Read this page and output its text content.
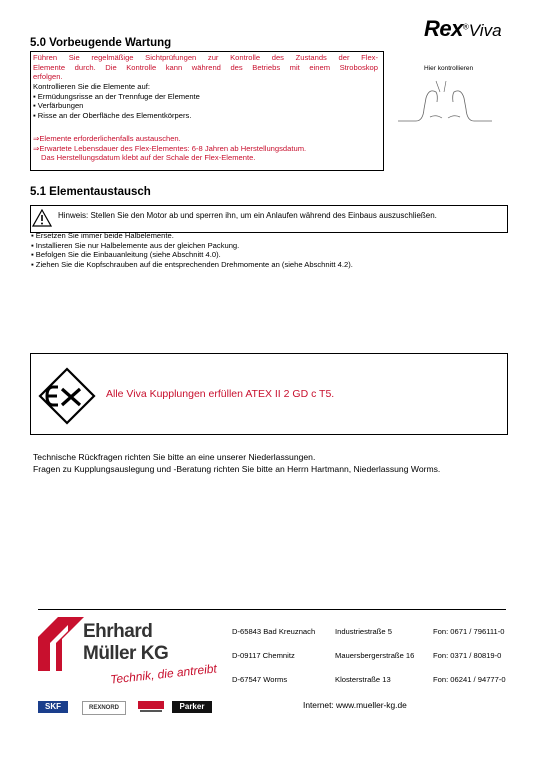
5.0 Vorbeugende Wartung
Rex®Viva
Führen Sie regelmäßige Sichtprüfungen zur Kontrolle des Zustands der Flex-
Elemente durch. Die Kontrolle kann während des Betriebs mit einem Stroboskop
erfolgen.
Kontrollieren Sie die Elemente auf:
▪ Ermüdungsrisse an der Trennfuge der Elemente
▪ Verfärbungen
▪ Risse an der Oberfläche des Elementkörpers.
⇒Elemente erforderlichenfalls austauschen.
⇒Erwartete Lebensdauer des Flex-Elementes: 6-8 Jahren ab Herstellungsdatum.
Das Herstellungsdatum klebt auf der Schale der Flex-Elemente.
Hier kontrollieren
5.1 Elementaustausch
Hinweis: Stellen Sie den Motor ab und sperren ihn, um ein Anlaufen während des Einbaus auszuschließen.
▪ Ersetzen Sie immer beide Halbelemente.
▪ Installieren Sie nur Halbelemente aus der gleichen Packung.
▪ Befolgen Sie die Einbauanleitung (siehe Abschnitt 4.0).
▪ Ziehen Sie die Kopfschrauben auf die entsprechenden Drehmomente an (siehe Abschnitt 4.2).
Alle Viva Kupplungen erfüllen ATEX II 2 GD c T5.
Technische Rückfragen richten Sie bitte an eine unserer Niederlassungen.
Fragen zu Kupplungsauslegung und -Beratung richten Sie bitte an Herrn Hartmann, Niederlassung Worms.
Ehrhard
Müller KG
Technik, die antreibt
SKF	REXNORD	Parker
D-65843 Bad Kreuznach	Industriestraße 5	Fon: 0671 / 796111-0
D-09117 Chemnitz	Mauersbergerstraße 16	Fon: 0371 / 80819-0
D-67547 Worms	Klosterstraße 13	Fon: 06241 / 94777-0
Internet: www.mueller-kg.de
